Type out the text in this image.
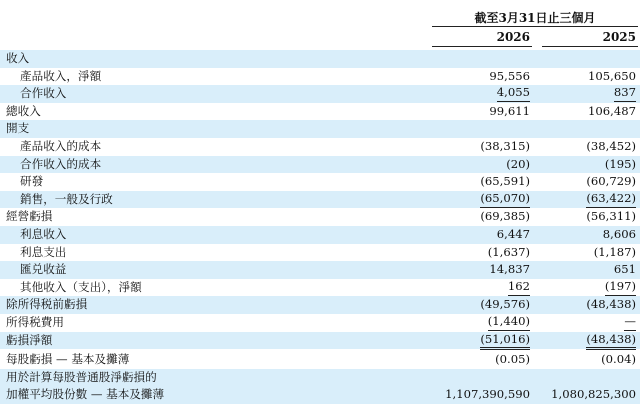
截至3月31日止三個月
2026	2025
收入
產品收入，淨額	95,556	105,650
合作收入	4,055	837
總收入	99,611	106,487
開支
產品收入的成本	(38,315)	(38,452)
合作收入的成本	(20)	(195)
研發	(65,591)	(60,729)
銷售，一般及行政	(65,070)	(63,422)
經營虧損	(69,385)	(56,311)
利息收入	6,447	8,606
利息支出	(1,637)	(1,187)
匯兑收益	14,837	651
其他收入（支出），淨額	162	(197)
除所得税前虧損	(49,576)	(48,438)
所得税費用	(1,440)	—
虧損淨額	(51,016)	(48,438)
每股虧損 — 基本及攤薄	(0.05)	(0.04)
用於計算每股普通股淨虧損的
加權平均股份數 — 基本及攤薄	1,107,390,590 1,080,825,300
